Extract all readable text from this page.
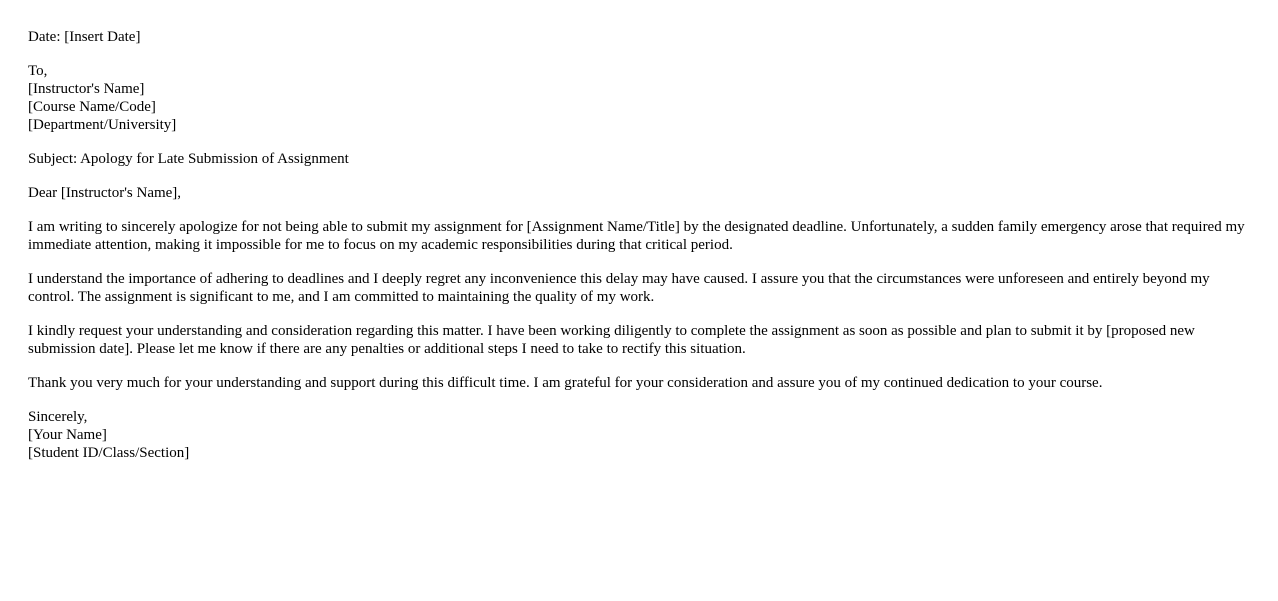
Date: [Insert Date]
To,
[Instructor's Name]
[Course Name/Code]
[Department/University]
Subject: Apology for Late Submission of Assignment
Dear [Instructor's Name],

I am writing to sincerely apologize for not being able to submit my assignment for [Assignment Name/Title] by the designated deadline. Unfortunately, a sudden family emergency arose that required my immediate attention, making it impossible for me to focus on my academic responsibilities during that critical period.

I understand the importance of adhering to deadlines and I deeply regret any inconvenience this delay may have caused. I assure you that the circumstances were unforeseen and entirely beyond my control. The assignment is significant to me, and I am committed to maintaining the quality of my work.

I kindly request your understanding and consideration regarding this matter. I have been working diligently to complete the assignment as soon as possible and plan to submit it by [proposed new submission date]. Please let me know if there are any penalties or additional steps I need to take to rectify this situation.

Thank you very much for your understanding and support during this difficult time. I am grateful for your consideration and assure you of my continued dedication to your course.

Sincerely,
[Your Name]
[Student ID/Class/Section]
